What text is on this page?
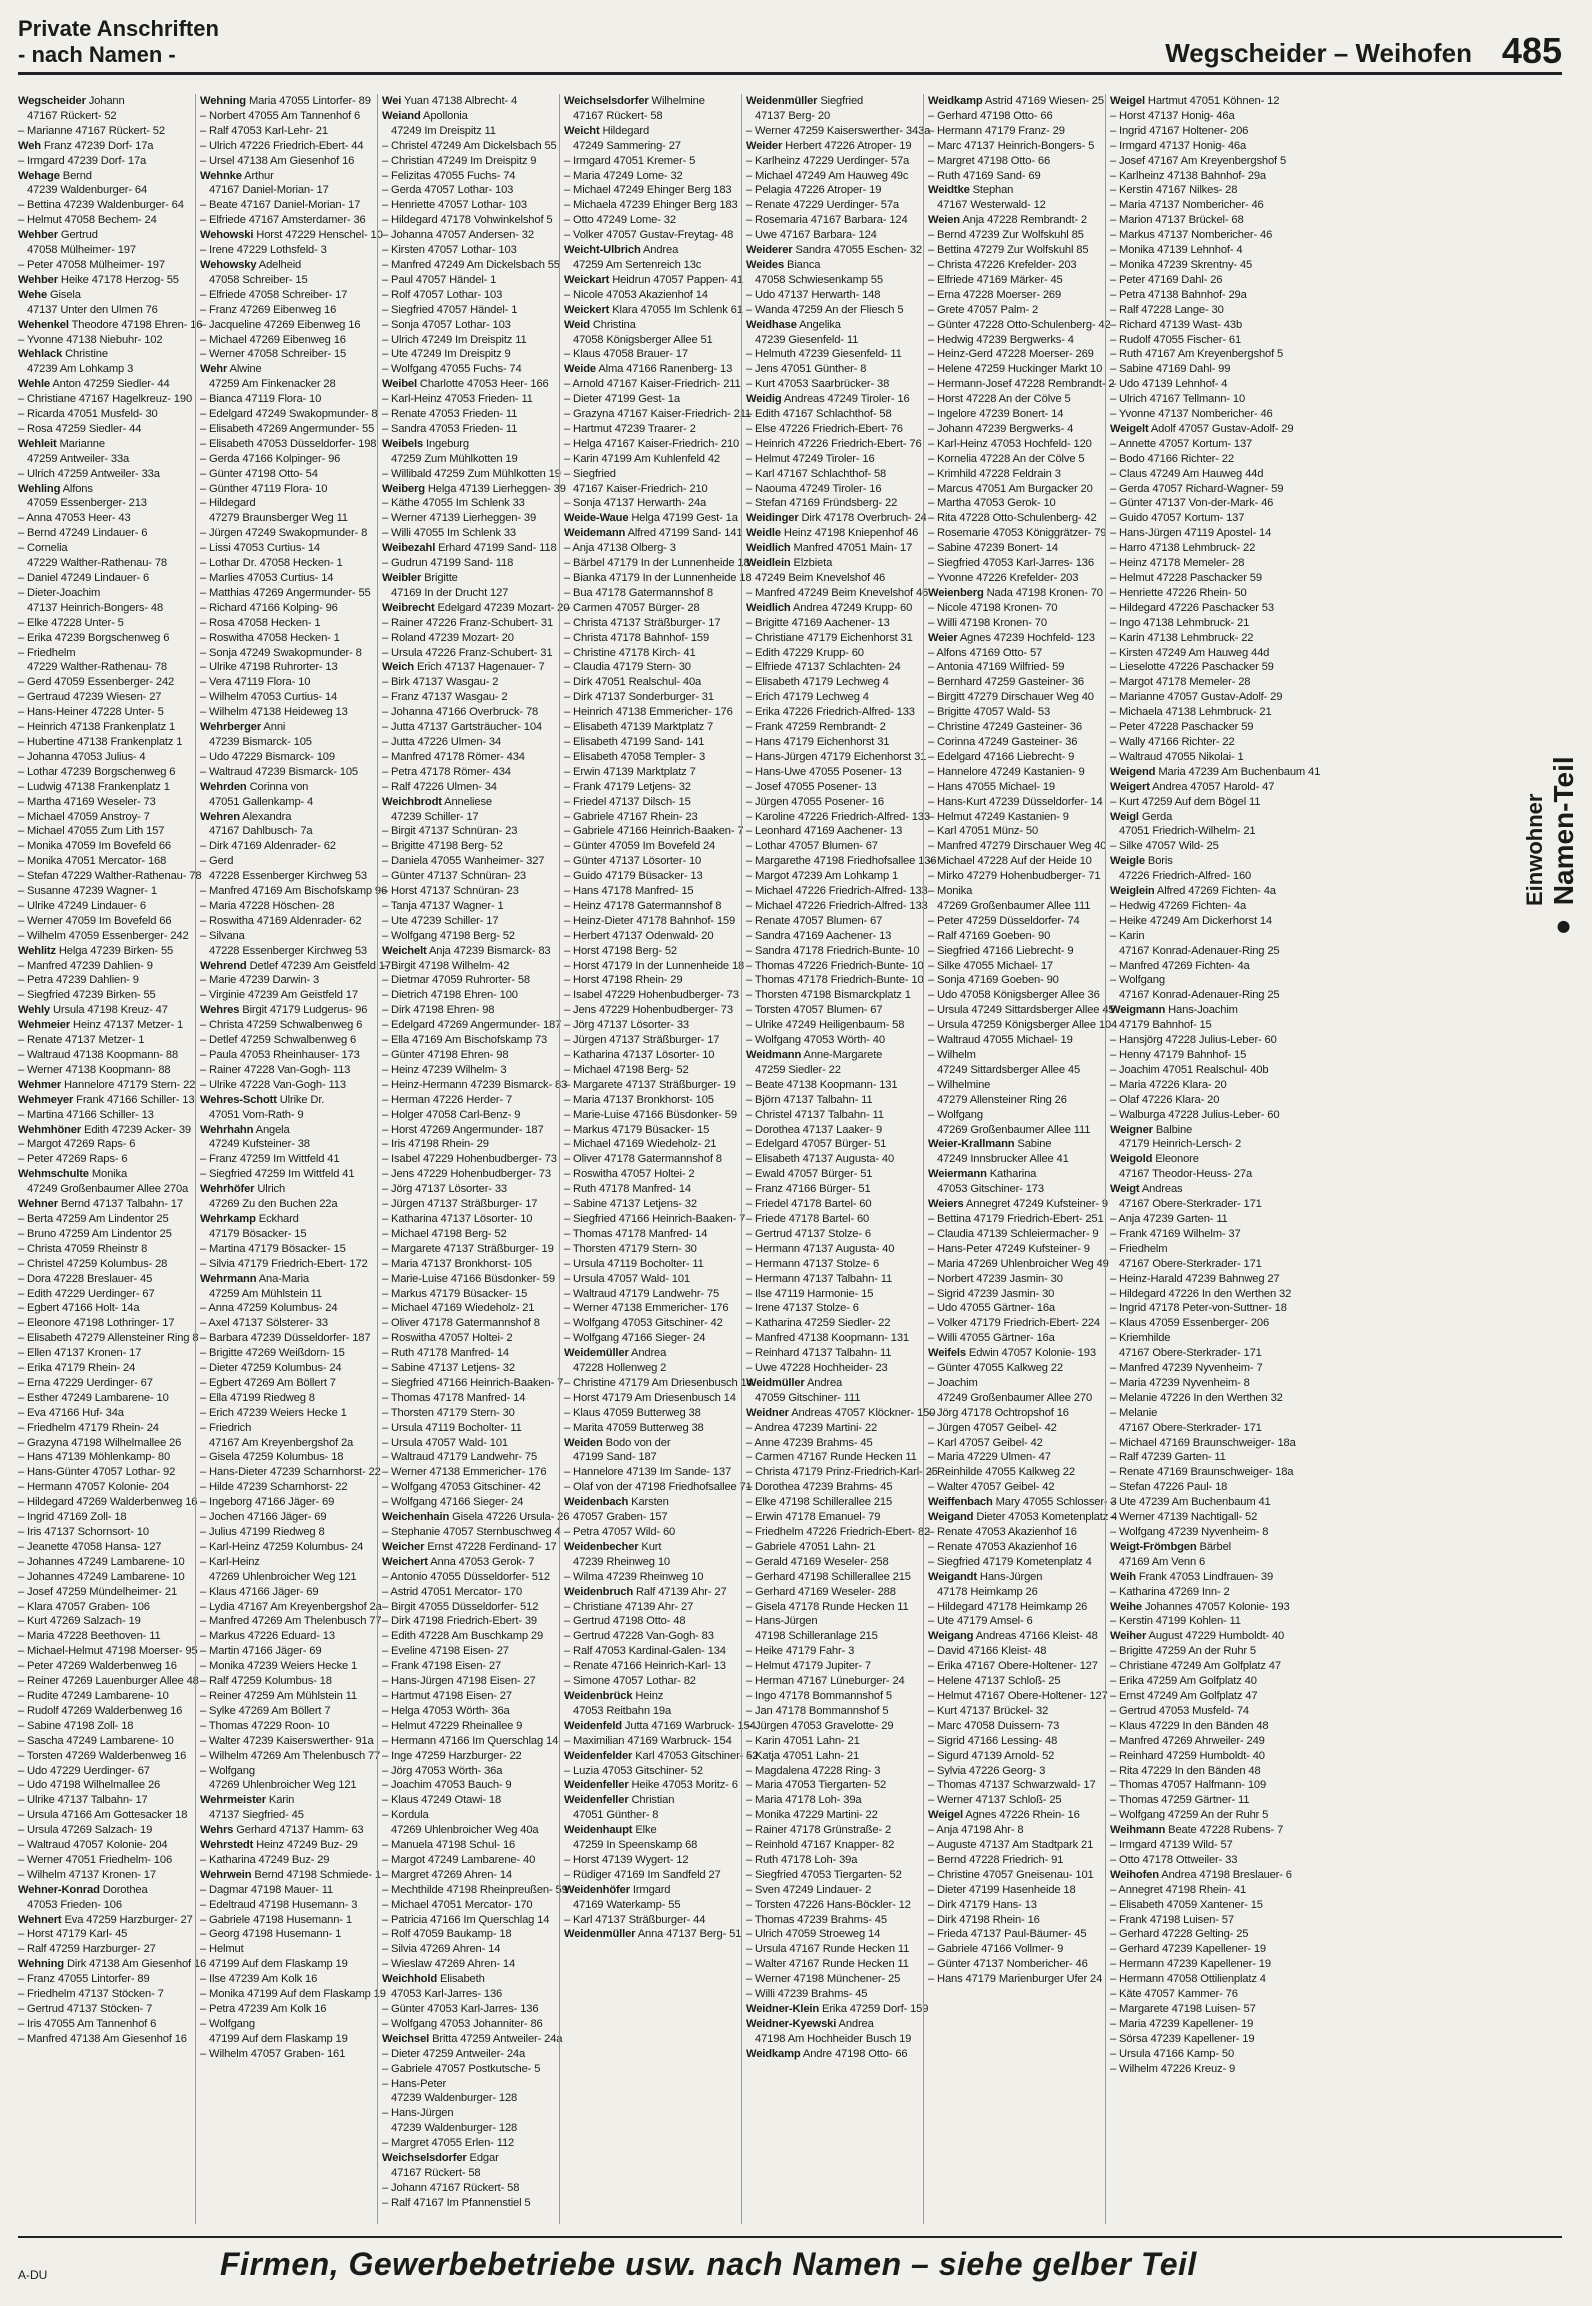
Private Anschriften
- nach Namen -	Wegscheider – Weihofen 485
Wegscheider Johann
47167 Rückert- 52
– Marianne 47167 Rückert- 52
Weh Franz 47239 Dorf- 17a
– Irmgard 47239 Dorf- 17a
Wehage Bernd
47239 Waldenburger- 64
– Bettina 47239 Waldenburger- 64
– Helmut 47058 Bechem- 24
Wehber Gertrud
47058 Mülheimer- 197
– Peter 47058 Mülheimer- 197
Wehber Heike 47178 Herzog- 55
Wehe Gisela
47137 Unter den Ulmen 76
Wehenkel Theodore 47198 Ehren- 16
– Yvonne 47138 Niebuhr- 102
Wehlack Christine
47239 Am Lohkamp 3
Wehle Anton 47259 Siedler- 44
– Christiane 47167 Hagelkreuz- 190
– Ricarda 47051 Musfeld- 30
– Rosa 47259 Siedler- 44
Wehleit Marianne
47259 Antweiler- 33a
– Ulrich 47259 Antweiler- 33a
Wehling Alfons
47059 Essenberger- 213
– Anna 47053 Heer- 43
– Bernd 47249 Lindauer- 6
– Cornelia
47229 Walther-Rathenau- 78
– Daniel 47249 Lindauer- 6
– Dieter-Joachim
47137 Heinrich-Bongers- 48
– Elke 47228 Unter- 5
– Erika 47239 Borgschenweg 6
– Friedhelm
47229 Walther-Rathenau- 78
– Gerd 47059 Essenberger- 242
– Gertraud 47239 Wiesen- 27
– Hans-Heiner 47228 Unter- 5
– Heinrich 47138 Frankenplatz 1
– Hubertine 47138 Frankenplatz 1
– Johanna 47053 Julius- 4
– Lothar 47239 Borgschenweg 6
– Ludwig 47138 Frankenplatz 1
– Martha 47169 Weseler- 73
– Michael 47059 Anstroy- 7
– Michael 47055 Zum Lith 157
– Monika 47059 Im Bovefeld 66
– Monika 47051 Mercator- 168
– Stefan 47229 Walther-Rathenau- 78
– Susanne 47239 Wagner- 1
– Ulrike 47249 Lindauer- 6
– Werner 47059 Im Bovefeld 66
– Wilhelm 47059 Essenberger- 242
Wehlitz Helga 47239 Birken- 55
– Manfred 47239 Dahlien- 9
– Petra 47239 Dahlien- 9
– Siegfried 47239 Birken- 55
Wehly Ursula 47198 Kreuz- 47
Wehmeier Heinz 47137 Metzer- 1
– Renate 47137 Metzer- 1
– Waltraud 47138 Koopmann- 88
– Werner 47138 Koopmann- 88
Wehmer Hannelore 47179 Stern- 22
Wehmeyer Frank 47166 Schiller- 13
– Martina 47166 Schiller- 13
Wehmhöner Edith 47239 Acker- 39
– Margot 47269 Raps- 6
– Peter 47269 Raps- 6
Wehmschulte Monika
47249 Großenbaumer Allee 270a
Wehner Bernd 47137 Talbahn- 17
– Berta 47259 Am Lindentor 25
– Bruno 47259 Am Lindentor 25
– Christa 47059 Rheinstr 8
– Christel 47259 Kolumbus- 28
– Dora 47228 Breslauer- 45
– Edith 47229 Uerdinger- 67
– Egbert 47166 Holt- 14a
– Eleonore 47198 Lothringer- 17
– Elisabeth 47279 Allensteiner Ring 8
– Ellen 47137 Kronen- 17
– Erika 47179 Rhein- 24
– Erna 47229 Uerdinger- 67
– Esther 47249 Lambarene- 10
– Eva 47166 Huf- 34a
– Friedhelm 47179 Rhein- 24
– Grazyna 47198 Wilhelmallee 26
– Hans 47139 Möhlenkamp- 80
– Hans-Günter 47057 Lothar- 92
– Hermann 47057 Kolonie- 204
– Hildegard 47269 Walderbenweg 16
– Ingrid 47169 Zoll- 18
– Iris 47137 Schornsort- 10
– Jeanette 47058 Hansa- 127
– Johannes 47249 Lambarene- 10
– Johannes 47249 Lambarene- 10
– Josef 47259 Mündelheimer- 21
– Klara 47057 Graben- 106
– Kurt 47269 Salzach- 19
– Maria 47228 Beethoven- 11
– Michael-Helmut 47198 Moerser- 95
– Peter 47269 Walderbenweg 16
– Reiner 47269 Lauenburger Allee 48
– Rudite 47249 Lambarene- 10
– Rudolf 47269 Walderbenweg 16
– Sabine 47198 Zoll- 18
– Sascha 47249 Lambarene- 10
– Torsten 47269 Walderbenweg 16
– Udo 47229 Uerdinger- 67
– Udo 47198 Wilhelmallee 26
– Ulrike 47137 Talbahn- 17
– Ursula 47166 Am Gottesacker 18
– Ursula 47269 Salzach- 19
– Waltraud 47057 Kolonie- 204
– Werner 47051 Friedhelm- 106
– Wilhelm 47137 Kronen- 17
Wehner-Konrad Dorothea
47053 Frieden- 106
Wehnert Eva 47259 Harzburger- 27
– Horst 47179 Karl- 45
– Ralf 47259 Harzburger- 27
Wehning Dirk 47138 Am Giesenhof 16
– Franz 47055 Lintorfer- 89
– Friedhelm 47137 Stöcken- 7
– Gertrud 47137 Stöcken- 7
– Iris 47055 Am Tannenhof 6
– Manfred 47138 Am Giesenhof 16
Wehning Maria 47055 Lintorfer- 89
– Norbert 47055 Am Tannenhof 6
– Ralf 47053 Karl-Lehr- 21
– Ulrich 47226 Friedrich-Ebert- 44
– Ursel 47138 Am Giesenhof 16
Wehnke Arthur
47167 Daniel-Morian- 17
– Beate 47167 Daniel-Morian- 17
– Elfriede 47167 Amsterdamer- 36
Wehowski Horst 47229 Henschel- 10
– Irene 47229 Lothsfeld- 3
Wehowsky Adelheid
47058 Schreiber- 15
– Elfriede 47058 Schreiber- 17
– Franz 47269 Eibenweg 16
– Jacqueline 47269 Eibenweg 16
– Michael 47269 Eibenweg 16
– Werner 47058 Schreiber- 15
Wehr Alwine
47259 Am Finkenacker 28
– Bianca 47119 Flora- 10
– Edelgard 47249 Swakopmunder- 8
– Elisabeth 47269 Angermunder- 55
– Elisabeth 47053 Düsseldorfer- 198
– Gerda 47166 Kolpinger- 96
– Günter 47198 Otto- 54
– Günther 47119 Flora- 10
– Hildegard
47279 Braunsberger Weg 11
– Jürgen 47249 Swakopmunder- 8
– Lissi 47053 Curtius- 14
– Lothar Dr. 47058 Hecken- 1
– Marlies 47053 Curtius- 14
– Matthias 47269 Angermunder- 55
– Richard 47166 Kolping- 96
– Rosa 47058 Hecken- 1
– Roswitha 47058 Hecken- 1
– Sonja 47249 Swakopmunder- 8
– Ulrike 47198 Ruhrorter- 13
– Vera 47119 Flora- 10
– Wilhelm 47053 Curtius- 14
– Wilhelm 47138 Heideweg 13
Wehrberger Anni
47239 Bismarck- 105
– Udo 47229 Bismarck- 109
– Waltraud 47239 Bismarck- 105
Wehrden Corinna von
47051 Gallenkamp- 4
Wehren Alexandra
47167 Dahlbusch- 7a
– Dirk 47169 Aldenrader- 62
– Gerd
47228 Essenberger Kirchweg 53
– Manfred 47169 Am Bischofskamp 96
– Maria 47228 Höschen- 28
– Roswitha 47169 Aldenrader- 62
– Silvana
47228 Essenberger Kirchweg 53
Wehrend Detlef 47239 Am Geistfeld 17
– Marie 47239 Darwin- 3
– Virginie 47239 Am Geistfeld 17
Wehres Birgit 47179 Ludgerus- 96
– Christa 47259 Schwalbenweg 6
– Detlef 47259 Schwalbenweg 6
– Paula 47053 Rheinhauser- 173
– Rainer 47228 Van-Gogh- 113
– Ulrike 47228 Van-Gogh- 113
Wehres-Schott Ulrike Dr.
47051 Vom-Rath- 9
Wehrhahn Angela
47249 Kufsteiner- 38
– Franz 47259 Im Wittfeld 41
– Siegfried 47259 Im Wittfeld 41
Wehrhöfer Ulrich
47269 Zu den Buchen 22a
Wehrkamp Eckhard
47179 Bösacker- 15
– Martina 47179 Bösacker- 15
– Silvia 47179 Friedrich-Ebert- 172
Wehrmann Ana-Maria
47259 Am Mühlstein 11
– Anna 47259 Kolumbus- 24
– Axel 47137 Sölsterer- 33
– Barbara 47239 Düsseldorfer- 187
– Brigitte 47269 Weißdorn- 15
– Dieter 47259 Kolumbus- 24
– Egbert 47269 Am Böllert 7
– Ella 47199 Riedweg 8
– Erich 47239 Weiers Hecke 1
– Friedrich
47167 Am Kreyenbergshof 2a
– Gisela 47259 Kolumbus- 18
– Hans-Dieter 47239 Scharnhorst- 22
– Hilde 47239 Scharnhorst- 22
– Ingeborg 47166 Jäger- 69
– Jochen 47166 Jäger- 69
– Julius 47199 Riedweg 8
– Karl-Heinz 47259 Kolumbus- 24
– Karl-Heinz
47269 Uhlenbroicher Weg 121
– Klaus 47166 Jäger- 69
– Lydia 47167 Am Kreyenbergshof 2a
– Manfred 47269 Am Thelenbusch 77
– Markus 47226 Eduard- 13
– Martin 47166 Jäger- 69
– Monika 47239 Weiers Hecke 1
– Ralf 47259 Kolumbus- 18
– Reiner 47259 Am Mühlstein 11
– Sylke 47269 Am Böllert 7
– Thomas 47229 Roon- 10
– Walter 47239 Kaiserswerther- 91a
– Wilhelm 47269 Am Thelenbusch 77
– Wolfgang
47269 Uhlenbroicher Weg 121
Wehrmeister Karin
47137 Siegfried- 45
Wehrs Gerhard 47137 Hamm- 63
Wehrstedt Heinz 47249 Buz- 29
– Katharina 47249 Buz- 29
Wehrwein Bernd 47198 Schmiede- 1
– Dagmar 47198 Mauer- 11
– Edeltraud 47198 Husemann- 3
– Gabriele 47198 Husemann- 1
– Georg 47198 Husemann- 1
– Helmut
47199 Auf dem Flaskamp 19
– Ilse 47239 Am Kolk 16
– Monika 47199 Auf dem Flaskamp 19
– Petra 47239 Am Kolk 16
– Wolfgang
47199 Auf dem Flaskamp 19
– Wilhelm 47057 Graben- 161
Wei Yuan 47138 Albrecht- 4
Weiand Apollonia
47249 Im Dreispitz 11
– Christel 47249 Am Dickelsbach 55
– Christian 47249 Im Dreispitz 9
– Felizitas 47055 Fuchs- 74
– Gerda 47057 Lothar- 103
– Henriette 47057 Lothar- 103
– Hildegard 47178 Vohwinkelshof 5
– Johanna 47057 Andersen- 32
– Kirsten 47057 Lothar- 103
– Manfred 47249 Am Dickelsbach 55
– Paul 47057 Händel- 1
– Rolf 47057 Lothar- 103
– Siegfried 47057 Händel- 1
– Sonja 47057 Lothar- 103
– Ulrich 47249 Im Dreispitz 11
– Ute 47249 Im Dreispitz 9
– Wolfgang 47055 Fuchs- 74
Weibel Charlotte 47053 Heer- 166
– Karl-Heinz 47053 Frieden- 11
– Renate 47053 Frieden- 11
– Sandra 47053 Frieden- 11
Weibels Ingeburg
47259 Zum Mühlkotten 19
– Willibald 47259 Zum Mühlkotten 19
Weiberg Helga 47139 Lierheggen- 39
– Käthe 47055 Im Schlenk 33
– Werner 47139 Lierheggen- 39
– Willi 47055 Im Schlenk 33
Weibezahl Erhard 47199 Sand- 118
– Gudrun 47199 Sand- 118
Weibler Brigitte
47169 In der Drucht 127
Weibrecht Edelgard 47239 Mozart- 20
– Rainer 47226 Franz-Schubert- 31
– Roland 47239 Mozart- 20
– Ursula 47226 Franz-Schubert- 31
Weich Erich 47137 Hagenauer- 7
– Birk 47137 Wasgau- 2
– Franz 47137 Wasgau- 2
– Johanna 47166 Overbruck- 78
– Jutta 47137 Gartsträucher- 104
– Jutta 47226 Ulmen- 34
– Manfred 47178 Römer- 434
– Petra 47178 Römer- 434
– Ralf 47226 Ulmen- 34
Weichbrodt Anneliese
47239 Schiller- 17
– Birgit 47137 Schnüran- 23
– Brigitte 47198 Berg- 52
– Daniela 47055 Wanheimer- 327
– Günter 47137 Schnüran- 23
– Horst 47137 Schnüran- 23
– Tanja 47137 Wagner- 1
– Ute 47239 Schiller- 17
– Wolfgang 47198 Berg- 52
Weichelt Anja 47239 Bismarck- 83
– Birgit 47198 Wilhelm- 42
– Dietmar 47059 Ruhrorter- 58
– Dietrich 47198 Ehren- 100
– Dirk 47198 Ehren- 98
– Edelgard 47269 Angermunder- 187
– Ella 47169 Am Bischofskamp 73
– Günter 47198 Ehren- 98
– Heinz 47239 Wilhelm- 3
– Heinz-Hermann 47239 Bismarck- 83
– Herman 47226 Herder- 7
– Holger 47058 Carl-Benz- 9
– Horst 47269 Angermunder- 187
– Iris 47198 Rhein- 29
– Isabel 47229 Hohenbudberger- 73
– Jens 47229 Hohenbudberger- 73
– Jörg 47137 Lösorter- 33
– Jürgen 47137 Sträßburger- 17
– Katharina 47137 Lösorter- 10
– Michael 47198 Berg- 52
– Margarete 47137 Sträßburger- 19
– Maria 47137 Bronkhorst- 105
– Marie-Luise 47166 Büsdonker- 59
– Markus 47179 Büsacker- 15
– Michael 47169 Wiedeholz- 21
– Oliver 47178 Gatermannshof 8
– Roswitha 47057 Holtei- 2
– Ruth 47178 Manfred- 14
– Sabine 47137 Letjens- 32
– Siegfried 47166 Heinrich-Baaken- 7
– Thomas 47178 Manfred- 14
– Thorsten 47179 Stern- 30
– Ursula 47119 Bocholter- 11
– Ursula 47057 Wald- 101
– Waltraud 47179 Landwehr- 75
– Werner 47138 Emmericher- 176
– Wolfgang 47053 Gitschiner- 42
– Wolfgang 47166 Sieger- 24
Weichenhain Gisela 47226 Ursula- 26
– Stephanie 47057 Sternbuschweg 4
Weicher Ernst 47228 Ferdinand- 17
Weichert Anna 47053 Gerok- 7
– Antonio 47055 Düsseldorfer- 512
– Astrid 47051 Mercator- 170
– Birgit 47055 Düsseldorfer- 512
– Dirk 47198 Friedrich-Ebert- 39
– Edith 47228 Am Buschkamp 29
– Eveline 47198 Eisen- 27
– Frank 47198 Eisen- 27
– Hans-Jürgen 47198 Eisen- 27
– Hartmut 47198 Eisen- 27
– Helga 47053 Wörth- 36a
– Helmut 47229 Rheinallee 9
– Hermann 47166 Im Querschlag 14
– Inge 47259 Harzburger- 22
– Jörg 47053 Wörth- 36a
– Joachim 47053 Bauch- 9
– Klaus 47249 Otawi- 18
– Kordula
47269 Uhlenbroicher Weg 40a
– Manuela 47198 Schul- 16
– Margot 47249 Lambarene- 40
– Margret 47269 Ahren- 14
– Mechthilde 47198 Rheinpreußen- 59
– Michael 47051 Mercator- 170
– Patricia 47166 Im Querschlag 14
– Rolf 47059 Baukamp- 18
– Silvia 47269 Ahren- 14
– Wieslaw 47269 Ahren- 14
Weichhold Elisabeth
47053 Karl-Jarres- 136
– Günter 47053 Karl-Jarres- 136
– Wolfgang 47053 Johanniter- 86
Weichsel Britta 47259 Antweiler- 24a
– Dieter 47259 Antweiler- 24a
– Gabriele 47057 Postkutsche- 5
– Hans-Peter
47239 Waldenburger- 128
– Hans-Jürgen
47239 Waldenburger- 128
– Margret 47055 Erlen- 112
Weichselsdorfer Edgar
47167 Rückert- 58
– Johann 47167 Rückert- 58
– Ralf 47167 Im Pfannenstiel 5
Weichselsdorfer Wilhelmine
47167 Rückert- 58
Weicht Hildegard
47249 Sammering- 27
– Irmgard 47051 Kremer- 5
– Maria 47249 Lome- 32
– Michael 47249 Ehinger Berg 183
– Michaela 47239 Ehinger Berg 183
– Otto 47249 Lome- 32
– Volker 47057 Gustav-Freytag- 48
Weicht-Ulbrich Andrea
47259 Am Sertenreich 13c
Weickart Heidrun 47057 Pappen- 41
– Nicole 47053 Akazienhof 14
Weickert Klara 47055 Im Schlenk 61
Weid Christina
47058 Königsberger Allee 51
– Klaus 47058 Brauer- 17
Weide Alma 47166 Ranenberg- 13
– Arnold 47167 Kaiser-Friedrich- 211
– Dieter 47199 Gest- 1a
– Grazyna 47167 Kaiser-Friedrich- 211
– Hartmut 47239 Traarer- 2
– Helga 47167 Kaiser-Friedrich- 210
– Karin 47199 Am Kuhlenfeld 42
– Siegfried
47167 Kaiser-Friedrich- 210
– Sonja 47137 Herwarth- 24a
Weide-Waue Helga 47199 Gest- 1a
Weidemann Alfred 47199 Sand- 141
– Anja 47138 Olberg- 3
– Bärbel 47179 In der Lunnenheide 18
– Bianka 47179 In der Lunnenheide 18
– Bua 47178 Gatermannshof 8
– Carmen 47057 Bürger- 28
– Christa 47137 Sträßburger- 17
– Christa 47178 Bahnhof- 159
– Christine 47178 Kirch- 41
– Claudia 47179 Stern- 30
– Dirk 47051 Realschul- 40a
– Dirk 47137 Sonderburger- 31
– Heinrich 47138 Emmericher- 176
– Elisabeth 47139 Marktplatz 7
– Elisabeth 47199 Sand- 141
– Elisabeth 47058 Templer- 3
– Erwin 47139 Marktplatz 7
– Frank 47179 Letjens- 32
– Friedel 47137 Dilsch- 15
– Gabriele 47167 Rhein- 23
– Gabriele 47166 Heinrich-Baaken- 7
– Günter 47059 Im Bovefeld 24
– Günter 47137 Lösorter- 10
– Guido 47179 Büsacker- 13
– Hans 47178 Manfred- 15
– Heinz 47178 Gatermannshof 8
– Heinz-Dieter 47178 Bahnhof- 159
– Herbert 47137 Odenwald- 20
– Horst 47198 Berg- 52
– Horst 47179 In der Lunnenheide 18
– Horst 47198 Rhein- 29
– Isabel 47229 Hohenbudberger- 73
– Jens 47229 Hohenbudberger- 73
– Jörg 47137 Lösorter- 33
– Jürgen 47137 Sträßburger- 17
– Katharina 47137 Lösorter- 10
– Michael 47198 Berg- 52
– Margarete 47137 Sträßburger- 19
– Maria 47137 Bronkhorst- 105
– Marie-Luise 47166 Büsdonker- 59
– Markus 47179 Büsacker- 15
– Michael 47169 Wiedeholz- 21
– Oliver 47178 Gatermannshof 8
– Roswitha 47057 Holtei- 2
– Ruth 47178 Manfred- 14
– Sabine 47137 Letjens- 32
– Siegfried 47166 Heinrich-Baaken- 7
– Thomas 47178 Manfred- 14
– Thorsten 47179 Stern- 30
– Ursula 47119 Bocholter- 11
– Ursula 47057 Wald- 101
– Waltraud 47179 Landwehr- 75
– Werner 47138 Emmericher- 176
– Wolfgang 47053 Gitschiner- 42
– Wolfgang 47166 Sieger- 24
Weidemüller Andrea
47228 Hollenweg 2
– Christine 47179 Am Driesenbusch 14
– Horst 47179 Am Driesenbusch 14
– Klaus 47059 Butterweg 38
– Marita 47059 Butterweg 38
Weiden Bodo von der
47199 Sand- 187
– Hannelore 47139 Im Sande- 137
– Olaf von der 47198 Friedhofsallee 71
Weidenbach Karsten
47057 Graben- 157
– Petra 47057 Wild- 60
Weidenbecher Kurt
47239 Rheinweg 10
– Wilma 47239 Rheinweg 10
Weidenbruch Ralf 47139 Ahr- 27
– Christiane 47139 Ahr- 27
– Gertrud 47198 Otto- 48
– Gertrud 47228 Van-Gogh- 83
– Ralf 47053 Kardinal-Galen- 134
– Renate 47166 Heinrich-Karl- 13
– Simone 47057 Lothar- 82
Weidenbrück Heinz
47053 Reitbahn 19a
Weidenfeld Jutta 47169 Warbruck- 154
– Maximilian 47169 Warbruck- 154
Weidenfelder Karl 47053 Gitschiner- 52
– Luzia 47053 Gitschiner- 52
Weidenfeller Heike 47053 Moritz- 6
Weidenfeller Christian
47051 Günther- 8
Weidenhaupt Elke
47259 In Speenskamp 68
– Horst 47139 Wygert- 12
– Rüdiger 47169 Im Sandfeld 27
Weidenhöfer Irmgard
47169 Waterkamp- 55
– Karl 47137 Sträßburger- 44
Weidenmüller Anna 47137 Berg- 51
Weidenmüller Siegfried
47137 Berg- 20
– Werner 47259 Kaiserswerther- 343a
Weider Herbert 47226 Atroper- 19
– Karlheinz 47229 Uerdinger- 57a
– Michael 47249 Am Hauweg 49c
– Pelagia 47226 Atroper- 19
– Renate 47229 Uerdinger- 57a
– Rosemaria 47167 Barbara- 124
– Uwe 47167 Barbara- 124
Weiderer Sandra 47055 Eschen- 32
Weides Bianca
47058 Schwiesenkamp 55
– Udo 47137 Herwarth- 148
– Wanda 47259 An der Fliesch 5
Weidhase Angelika
47239 Giesenfeld- 11
– Helmuth 47239 Giesenfeld- 11
– Jens 47051 Günther- 8
– Kurt 47053 Saarbrücker- 38
Weidig Andreas 47249 Tiroler- 16
– Edith 47167 Schlachthof- 58
– Else 47226 Friedrich-Ebert- 76
– Heinrich 47226 Friedrich-Ebert- 76
– Helmut 47249 Tiroler- 16
– Karl 47167 Schlachthof- 58
– Naouma 47249 Tiroler- 16
– Stefan 47169 Fründsberg- 22
Weidinger Dirk 47178 Overbruch- 24
Weidle Heinz 47198 Kniepenhof 46
Weidlich Manfred 47051 Main- 17
Weidlein Elzbieta
47249 Beim Knevelshof 46
– Manfred 47249 Beim Knevelshof 46
Weidlich Andrea 47249 Krupp- 60
– Brigitte 47169 Aachener- 13
– Christiane 47179 Eichenhorst 31
– Edith 47229 Krupp- 60
– Elfriede 47137 Schlachten- 24
– Elisabeth 47179 Lechweg 4
– Erich 47179 Lechweg 4
– Erika 47226 Friedrich-Alfred- 133
– Frank 47259 Rembrandt- 2
– Hans 47179 Eichenhorst 31
– Hans-Jürgen 47179 Eichenhorst 31
– Hans-Uwe 47055 Posener- 13
– Josef 47055 Posener- 13
– Jürgen 47055 Posener- 16
– Karoline 47226 Friedrich-Alfred- 133
– Leonhard 47169 Aachener- 13
– Lothar 47057 Blumen- 67
– Margarethe 47198 Friedhofsallee 136
– Margot 47239 Am Lohkamp 1
– Michael 47226 Friedrich-Alfred- 133
– Michael 47226 Friedrich-Alfred- 133
– Renate 47057 Blumen- 67
– Sandra 47169 Aachener- 13
– Sandra 47178 Friedrich-Bunte- 10
– Thomas 47226 Friedrich-Bunte- 10
– Thomas 47178 Friedrich-Bunte- 10
– Thorsten 47198 Bismarckplatz 1
– Torsten 47057 Blumen- 67
– Ulrike 47249 Heiligenbaum- 58
– Wolfgang 47053 Wörth- 40
Weidmann Anne-Margarete
47259 Siedler- 22
– Beate 47138 Koopmann- 131
– Björn 47137 Talbahn- 11
– Christel 47137 Talbahn- 11
– Dorothea 47137 Laaker- 9
– Edelgard 47057 Bürger- 51
– Elisabeth 47137 Augusta- 40
– Ewald 47057 Bürger- 51
– Franz 47166 Bürger- 51
– Friedel 47178 Bartel- 60
– Friede 47178 Bartel- 60
– Gertrud 47137 Stolze- 6
– Hermann 47137 Augusta- 40
– Hermann 47137 Stolze- 6
– Hermann 47137 Talbahn- 11
– Ilse 47119 Harmonie- 15
– Irene 47137 Stolze- 6
– Katharina 47259 Siedler- 22
– Manfred 47138 Koopmann- 131
– Reinhard 47137 Talbahn- 11
– Uwe 47228 Hochheider- 23
Weidmüller Andrea
47059 Gitschiner- 111
Weidner Andreas 47057 Klöckner- 150
– Andrea 47239 Martini- 22
– Anne 47239 Brahms- 45
– Carmen 47167 Runde Hecken 11
– Christa 47179 Prinz-Friedrich-Karl- 25
– Dorothea 47239 Brahms- 45
– Elke 47198 Schillerallee 215
– Erwin 47178 Emanuel- 79
– Friedhelm 47226 Friedrich-Ebert- 82
– Gabriele 47051 Lahn- 21
– Gerald 47169 Weseler- 258
– Gerhard 47198 Schillerallee 215
– Gerhard 47169 Weseler- 288
– Gisela 47178 Runde Hecken 11
– Hans-Jürgen
47198 Schilleranlage 215
– Heike 47179 Fahr- 3
– Helmut 47179 Jupiter- 7
– Herman 47167 Lüneburger- 24
– Ingo 47178 Bommannshof 5
– Jan 47178 Bommannshof 5
– Jürgen 47053 Gravelotte- 29
– Karin 47051 Lahn- 21
– Katja 47051 Lahn- 21
– Magdalena 47228 Ring- 3
– Maria 47053 Tiergarten- 52
– Maria 47178 Loh- 39a
– Monika 47229 Martini- 22
– Rainer 47178 Grünstraße- 2
– Reinhold 47167 Knapper- 82
– Ruth 47178 Loh- 39a
– Siegfried 47053 Tiergarten- 52
– Sven 47249 Lindauer- 2
– Torsten 47226 Hans-Böckler- 12
– Thomas 47239 Brahms- 45
– Ulrich 47059 Stroeweg 14
– Ursula 47167 Runde Hecken 11
– Walter 47167 Runde Hecken 11
– Werner 47198 Münchener- 25
– Willi 47239 Brahms- 45
Weidner-Klein Erika 47259 Dorf- 159
Weidner-Kyewski Andrea
47198 Am Hochheider Busch 19
Weidkamp Andre 47198 Otto- 66
Weidkamp Astrid 47169 Wiesen- 25
– Gerhard 47198 Otto- 66
– Hermann 47179 Franz- 29
– Marc 47137 Heinrich-Bongers- 5
– Margret 47198 Otto- 66
– Ruth 47169 Sand- 69
Weidtke Stephan
47167 Westerwald- 12
Weien Anja 47228 Rembrandt- 2
– Bernd 47239 Zur Wolfskuhl 85
– Bettina 47279 Zur Wolfskuhl 85
– Christa 47226 Krefelder- 203
– Elfriede 47169 Märker- 45
– Erna 47228 Moerser- 269
– Grete 47057 Palm- 2
– Günter 47228 Otto-Schulenberg- 42
– Hedwig 47239 Bergwerks- 4
– Heinz-Gerd 47228 Moerser- 269
– Helene 47259 Huckinger Markt 10
– Hermann-Josef 47228 Rembrandt- 2
– Horst 47228 An der Cölve 5
– Ingelore 47239 Bonert- 14
– Johann 47239 Bergwerks- 4
– Karl-Heinz 47053 Hochfeld- 120
– Kornelia 47228 An der Cölve 5
– Krimhild 47228 Feldrain 3
– Marcus 47051 Am Burgacker 20
– Martha 47053 Gerok- 10
– Rita 47228 Otto-Schulenberg- 42
– Rosemarie 47053 Königgrätzer- 79
– Sabine 47239 Bonert- 14
– Siegfried 47053 Karl-Jarres- 136
– Yvonne 47226 Krefelder- 203
Weienberg Nada 47198 Kronen- 70
– Nicole 47198 Kronen- 70
– Willi 47198 Kronen- 70
Weier Agnes 47239 Hochfeld- 123
– Alfons 47169 Otto- 57
– Antonia 47169 Wilfried- 59
– Bernhard 47259 Gasteiner- 36
– Birgitt 47279 Dirschauer Weg 40
– Brigitte 47057 Wald- 53
– Christine 47249 Gasteiner- 36
– Corinna 47249 Gasteiner- 36
– Edelgard 47166 Liebrecht- 9
– Hannelore 47249 Kastanien- 9
– Hans 47055 Michael- 19
– Hans-Kurt 47239 Düsseldorfer- 14
– Helmut 47249 Kastanien- 9
– Karl 47051 Münz- 50
– Manfred 47279 Dirschauer Weg 40
– Michael 47228 Auf der Heide 10
– Mirko 47279 Hohenbudberger- 71
– Monika
47269 Großenbaumer Allee 111
– Peter 47259 Düsseldorfer- 74
– Ralf 47169 Goeben- 90
– Siegfried 47166 Liebrecht- 9
– Silke 47055 Michael- 17
– Sonja 47169 Goeben- 90
– Udo 47058 Königsberger Allee 36
– Ursula 47249 Sittardsberger Allee 45
– Ursula 47259 Königsberger Allee 104
– Waltraud 47055 Michael- 19
– Wilhelm
47249 Sittardsberger Allee 45
– Wilhelmine
47279 Allensteiner Ring 26
– Wolfgang
47269 Großenbaumer Allee 111
Weier-Krallmann Sabine
47249 Innsbrucker Allee 41
Weiermann Katharina
47053 Gitschiner- 173
Weiers Annegret 47249 Kufsteiner- 9
– Bettina 47179 Friedrich-Ebert- 251
– Claudia 47139 Schleiermacher- 9
– Hans-Peter 47249 Kufsteiner- 9
– Maria 47269 Uhlenbroicher Weg 49
– Norbert 47239 Jasmin- 30
– Sigrid 47239 Jasmin- 30
– Udo 47055 Gärtner- 16a
– Volker 47179 Friedrich-Ebert- 224
– Willi 47055 Gärtner- 16a
Weifels Edwin 47057 Kolonie- 193
– Günter 47055 Kalkweg 22
– Joachim
47249 Großenbaumer Allee 270
– Jörg 47178 Ochtropshof 16
– Jürgen 47057 Geibel- 42
– Karl 47057 Geibel- 42
– Maria 47229 Ulmen- 47
– Reinhilde 47055 Kalkweg 22
– Walter 47057 Geibel- 42
Weiffenbach Mary 47055 Schlosser- 3
Weigand Dieter 47053 Kometenplatz 4
– Renate 47053 Akazienhof 16
– Renate 47053 Akazienhof 16
– Siegfried 47179 Kometenplatz 4
Weigandt Hans-Jürgen
47178 Heimkamp 26
– Hildegard 47178 Heimkamp 26
– Ute 47179 Amsel- 6
Weigang Andreas 47166 Kleist- 48
– David 47166 Kleist- 48
– Erika 47167 Obere-Holtener- 127
– Helene 47137 Schloß- 25
– Helmut 47167 Obere-Holtener- 127
– Kurt 47137 Brückel- 32
– Marc 47058 Duissern- 73
– Sigrid 47166 Lessing- 48
– Sigurd 47139 Arnold- 52
– Sylvia 47226 Georg- 3
– Thomas 47137 Schwarzwald- 17
– Werner 47137 Schloß- 25
Weigel Agnes 47226 Rhein- 16
– Anja 47198 Ahr- 8
– Auguste 47137 Am Stadtpark 21
– Bernd 47228 Friedrich- 91
– Christine 47057 Gneisenau- 101
– Dieter 47199 Hasenheide 18
– Dirk 47179 Hans- 13
– Dirk 47198 Rhein- 16
– Frieda 47137 Paul-Bäumer- 45
– Gabriele 47166 Vollmer- 9
– Günter 47137 Nombericher- 46
– Hans 47179 Marienburger Ufer 24
Weigel Hartmut 47051 Köhnen- 12
– Horst 47137 Honig- 46a
– Ingrid 47167 Holtener- 206
– Irmgard 47137 Honig- 46a
– Josef 47167 Am Kreyenbergshof 5
– Karlheinz 47138 Bahnhof- 29a
– Kerstin 47167 Nilkes- 28
– Maria 47137 Nombericher- 46
– Marion 47137 Brückel- 68
– Markus 47137 Nombericher- 46
– Monika 47139 Lehnhof- 4
– Monika 47239 Skrentny- 45
– Peter 47169 Dahl- 26
– Petra 47138 Bahnhof- 29a
– Ralf 47228 Lange- 30
– Richard 47139 Wast- 43b
– Rudolf 47055 Fischer- 61
– Ruth 47167 Am Kreyenbergshof 5
– Sabine 47169 Dahl- 99
– Udo 47139 Lehnhof- 4
– Ulrich 47167 Tellmann- 10
– Yvonne 47137 Nombericher- 46
Weigelt Adolf 47057 Gustav-Adolf- 29
– Annette 47057 Kortum- 137
– Bodo 47166 Richter- 22
– Claus 47249 Am Hauweg 44d
– Gerda 47057 Richard-Wagner- 59
– Günter 47137 Von-der-Mark- 46
– Guido 47057 Kortum- 137
– Hans-Jürgen 47119 Apostel- 14
– Harro 47138 Lehmbruck- 22
– Heinz 47178 Memeler- 28
– Helmut 47228 Paschacker 59
– Henriette 47226 Rhein- 50
– Hildegard 47226 Paschacker 53
– Ingo 47138 Lehmbruck- 21
– Karin 47138 Lehmbruck- 22
– Kirsten 47249 Am Hauweg 44d
– Lieselotte 47226 Paschacker 59
– Margot 47178 Memeler- 28
– Marianne 47057 Gustav-Adolf- 29
– Michaela 47138 Lehmbruck- 21
– Peter 47228 Paschacker 59
– Wally 47166 Richter- 22
– Waltraud 47055 Nikolai- 1
Weigend Maria 47239 Am Buchenbaum 41
Weigert Andrea 47057 Harold- 47
– Kurt 47259 Auf dem Bögel 11
Weigl Gerda
47051 Friedrich-Wilhelm- 21
– Silke 47057 Wild- 25
Weigle Boris
47226 Friedrich-Alfred- 160
Weiglein Alfred 47269 Fichten- 4a
– Hedwig 47269 Fichten- 4a
– Heike 47249 Am Dickerhorst 14
– Karin
47167 Konrad-Adenauer-Ring 25
– Manfred 47269 Fichten- 4a
– Wolfgang
47167 Konrad-Adenauer-Ring 25
Weigmann Hans-Joachim
47179 Bahnhof- 15
– Hansjörg 47228 Julius-Leber- 60
– Henny 47179 Bahnhof- 15
– Joachim 47051 Realschul- 40b
– Maria 47226 Klara- 20
– Olaf 47226 Klara- 20
– Walburga 47228 Julius-Leber- 60
Weigner Balbine
47179 Heinrich-Lersch- 2
Weigold Eleonore
47167 Theodor-Heuss- 27a
Weigt Andreas
47167 Obere-Sterkrader- 171
– Anja 47239 Garten- 11
– Frank 47169 Wilhelm- 37
– Friedhelm
47167 Obere-Sterkrader- 171
– Heinz-Harald 47239 Bahnweg 27
– Hildegard 47226 In den Werthen 32
– Ingrid 47178 Peter-von-Suttner- 18
– Klaus 47059 Essenberger- 206
– Kriemhilde
47167 Obere-Sterkrader- 171
– Manfred 47239 Nyvenheim- 7
– Maria 47239 Nyvenheim- 8
– Melanie 47226 In den Werthen 32
– Melanie
47167 Obere-Sterkrader- 171
– Michael 47169 Braunschweiger- 18a
– Ralf 47239 Garten- 11
– Renate 47169 Braunschweiger- 18a
– Stefan 47226 Paul- 18
– Ute 47239 Am Buchenbaum 41
– Werner 47139 Nachtigall- 52
– Wolfgang 47239 Nyvenheim- 8
Weigt-Frömbgen Bärbel
47169 Am Venn 6
Weih Frank 47053 Lindfrauen- 39
– Katharina 47269 Inn- 2
Weihe Johannes 47057 Kolonie- 193
– Kerstin 47199 Kohlen- 11
Weiher August 47229 Humboldt- 40
– Brigitte 47259 An der Ruhr 5
– Christiane 47249 Am Golfplatz 47
– Erika 47259 Am Golfplatz 40
– Ernst 47249 Am Golfplatz 47
– Gertrud 47053 Musfeld- 74
– Klaus 47229 In den Bänden 48
– Manfred 47269 Ahrweiler- 249
– Reinhard 47259 Humboldt- 40
– Rita 47229 In den Bänden 48
– Thomas 47057 Halfmann- 109
– Thomas 47259 Gärtner- 11
– Wolfgang 47259 An der Ruhr 5
Weihmann Beate 47228 Rubens- 7
– Irmgard 47139 Wild- 57
– Otto 47178 Ottweiler- 33
Weihofen Andrea 47198 Breslauer- 6
– Annegret 47198 Rhein- 41
– Elisabeth 47059 Xantener- 15
– Frank 47198 Luisen- 57
– Gerhard 47228 Gelting- 25
– Gerhard 47239 Kapellener- 19
– Hermann 47239 Kapellener- 19
– Hermann 47058 Ottilienplatz 4
– Käte 47057 Kammer- 76
– Margarete 47198 Luisen- 57
– Maria 47239 Kapellener- 19
– Sörsa 47239 Kapellener- 19
– Ursula 47166 Kamp- 50
– Wilhelm 47226 Kreuz- 9
Einwohner ● Namen-Teil
A-DU	Firmen, Gewerbebetriebe usw. nach Namen – siehe gelber Teil
